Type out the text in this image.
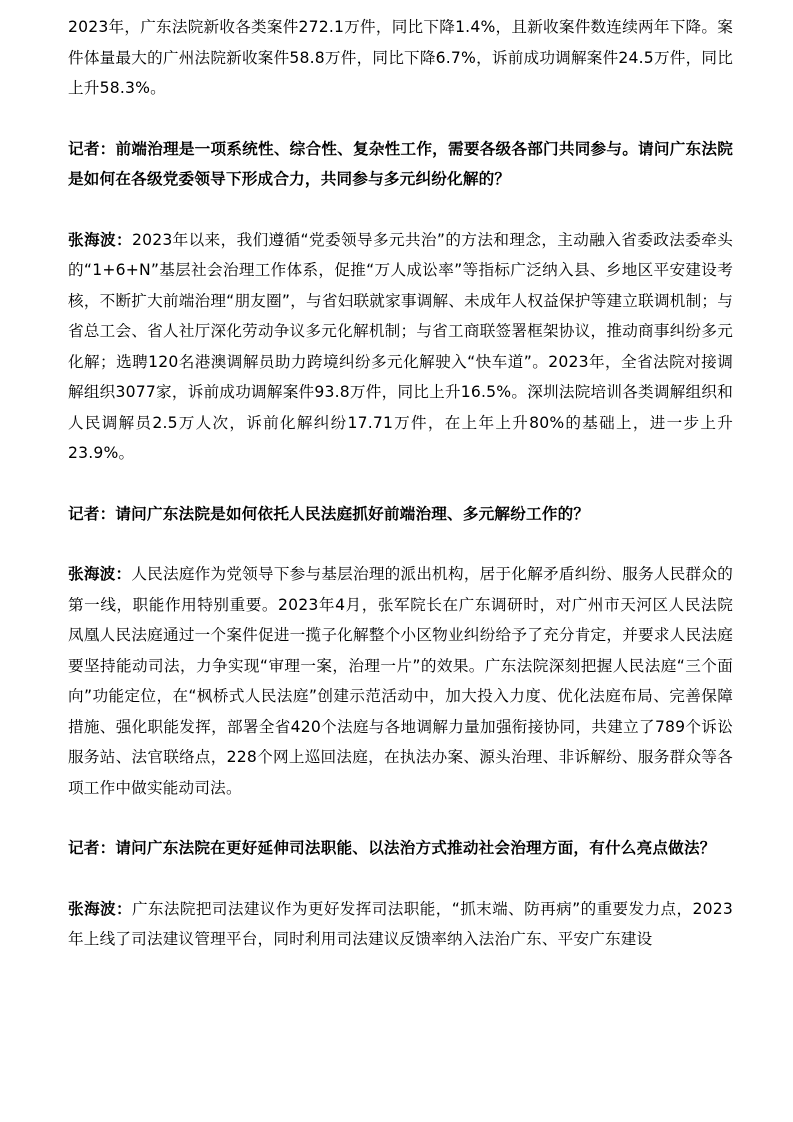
2023年，广东法院新收各类案件272.1万件，同比下降1.4%，且新收案件数连续两年下降。案件体量最大的广州法院新收案件58.8万件，同比下降6.7%，诉前成功调解案件24.5万件，同比上升58.3%。

记者：前端治理是一项系统性、综合性、复杂性工作，需要各级各部门共同参与。请问广东法院是如何在各级党委领导下形成合力，共同参与多元纠纷化解的？

张海波：2023年以来，我们遵循“党委领导多元共治”的方法和理念，主动融入省委政法委牵头的“1+6+N”基层社会治理工作体系，促推“万人成讼率”等指标广泛纳入县、乡地区平安建设考核，不断扩大前端治理“朋友圈”，与省妇联就家事调解、未成年人权益保护等建立联调机制；与省总工会、省人社厅深化劳动争议多元化解机制；与省工商联签署框架协议，推动商事纠纷多元化解；选聘120名港澳调解员助力跨境纠纷多元化解驶入“快车道”。2023年，全省法院对接调解组织3077家，诉前成功调解案件93.8万件，同比上升16.5%。深圳法院培训各类调解组织和人民调解员2.5万人次，诉前化解纠纷17.71万件，在上年上升80%的基础上，进一步上升23.9%。

记者：请问广东法院是如何依托人民法庭抓好前端治理、多元解纷工作的？

张海波：人民法庭作为党领导下参与基层治理的派出机构，居于化解矛盾纠纷、服务人民群众的第一线，职能作用特别重要。2023年4月，张军院长在广东调研时，对广州市天河区人民法院凤凰人民法庭通过一个案件促进一揽子化解整个小区物业纠纷给予了充分肯定，并要求人民法庭要坚持能动司法，力争实现“审理一案，治理一片”的效果。广东法院深刻把握人民法庭“三个面向”功能定位，在“枫桥式人民法庭”创建示范活动中，加大投入力度、优化法庭布局、完善保障措施、强化职能发挥，部署全省420个法庭与各地调解力量加强衔接协同，共建立了789个诉讼服务站、法官联络点，228个网上巡回法庭，在执法办案、源头治理、非诉解纷、服务群众等各项工作中做实能动司法。

记者：请问广东法院在更好延伸司法职能、以法治方式推动社会治理方面，有什么亮点做法？

张海波：广东法院把司法建议作为更好发挥司法职能，“抓末端、防再病”的重要发力点，2023年上线了司法建议管理平台，同时利用司法建议反馈率纳入法治广东、平安广东建设
